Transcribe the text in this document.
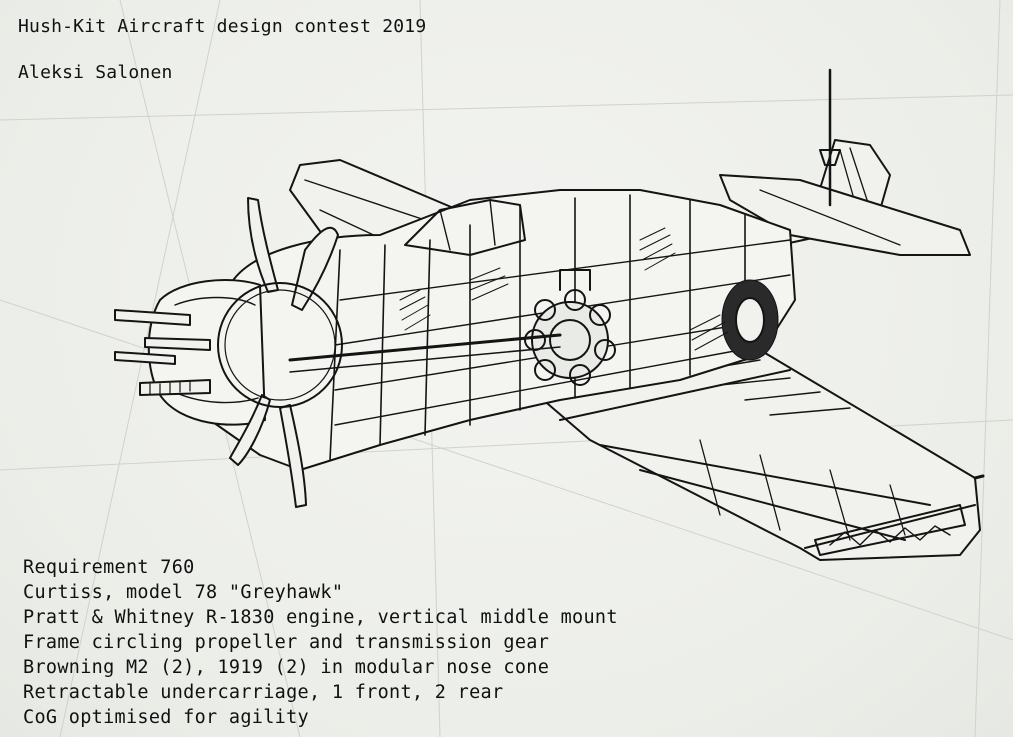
Hush-Kit Aircraft design contest 2019
Aleksi Salonen
Requirement 760
Curtiss, model 78 "Greyhawk"
Pratt & Whitney R-1830 engine, vertical middle mount
Frame circling propeller and transmission gear
Browning M2 (2), 1919 (2) in modular nose cone
Retractable undercarriage, 1 front, 2 rear
CoG optimised for agility
